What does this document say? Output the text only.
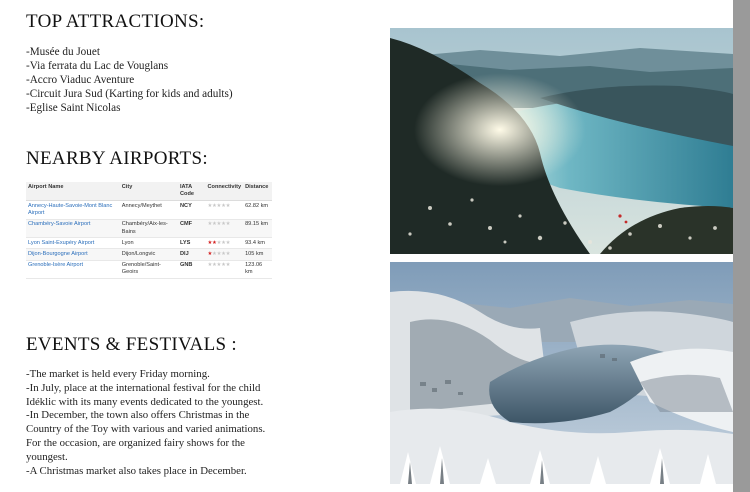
TOP ATTRACTIONS:
-Musée du Jouet
-Via ferrata du Lac de Vouglans
-Accro Viaduc Aventure
-Circuit Jura Sud (Karting for kids and adults)
-Eglise Saint Nicolas
NEARBY AIRPORTS:
Airport Name	City	IATA Code	Connectivity	Distance
Annecy-Haute-Savoie-Mont Blanc Airport	Annecy/Meythet	NCY	★★★★★	62.82 km
Chambéry-Savoie Airport	Chambéry/Aix-les-Bains	CMF	★★★★★	89.15 km
Lyon Saint-Exupéry Airport	Lyon	LYS	★★★★★	93.4 km
Dijon-Bourgogne Airport	Dijon/Longvic	DIJ	★★★★★	105 km
Grenoble-Isère Airport	Grenoble/Saint-Geoirs	GNB	★★★★★	123.06 km
EVENTS & FESTIVALS :
-The market is held every Friday morning.
-In July, place at the international festival for the child
Idéklic with its many events dedicated to the youngest.
-In December, the town also offers Christmas in the
Country of the Toy with various and varied animations.
For the occasion, are organized fairy shows for the
youngest.
-A Christmas market also takes place in December.
